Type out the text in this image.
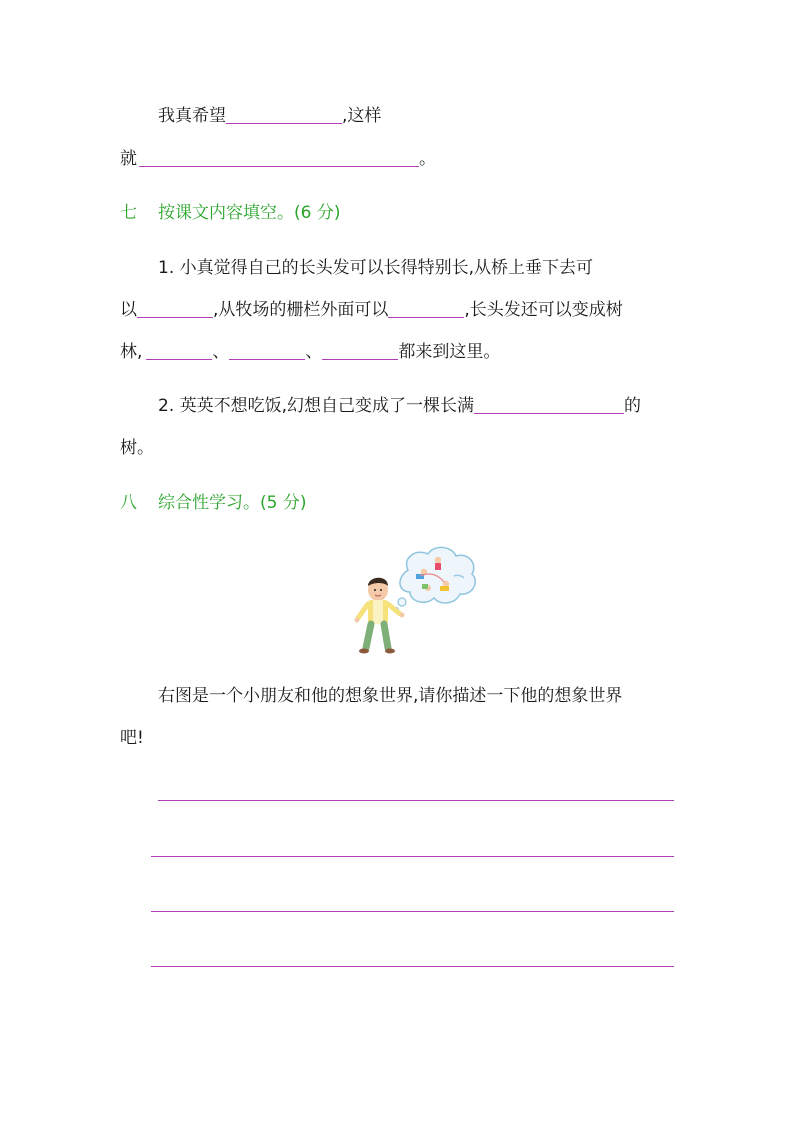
我真希望	,这样
就	。
七 按课文内容填空。(6 分)
1. 小真觉得自己的长头发可以长得特别长,从桥上垂下去可
以	,从牧场的栅栏外面可以	,长头发还可以变成树
林,	、	、	都来到这里。
2. 英英不想吃饭,幻想自己变成了一棵长满	的
树。
八 综合性学习。(5 分)
右图是一个小朋友和他的想象世界,请你描述一下他的想象世界
吧!
